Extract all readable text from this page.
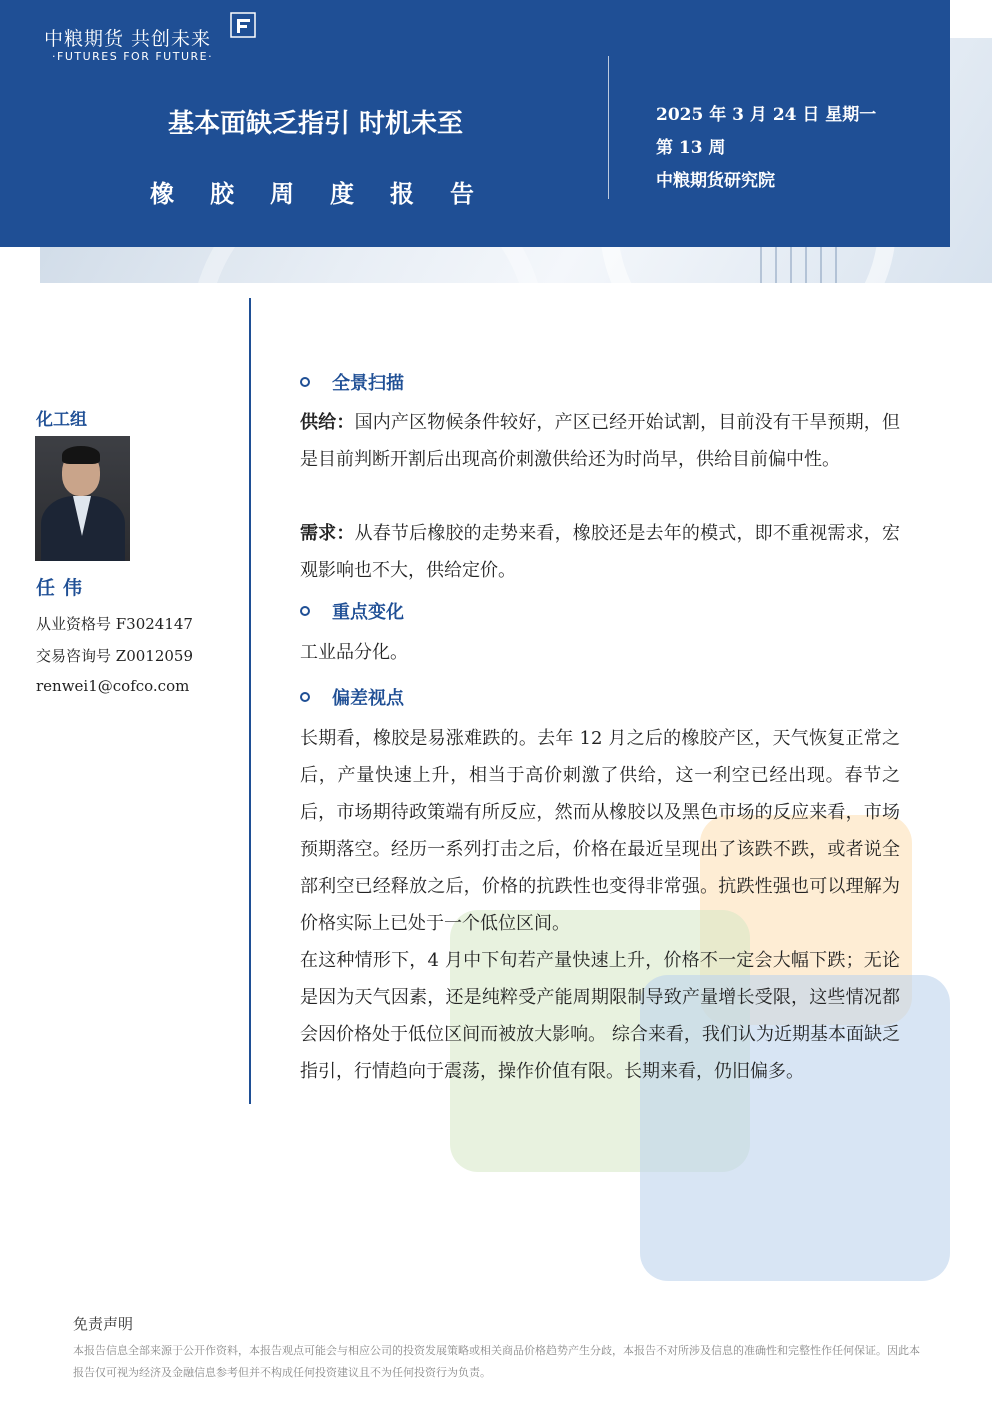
中粮期货 共创未来
·FUTURES FOR FUTURE·
基本面缺乏指引 时机未至
橡胶周度报告
2025 年 3 月 24 日 星期一
第 13 周
中粮期货研究院
化工组
任伟
从业资格号 F3024147
交易咨询号 Z0012059
renwei1@cofco.com
全景扫描
供给：国内产区物候条件较好，产区已经开始试割，目前没有干旱预期，但是目前判断开割后出现高价刺激供给还为时尚早，供给目前偏中性。
需求：从春节后橡胶的走势来看，橡胶还是去年的模式，即不重视需求，宏观影响也不大，供给定价。
重点变化
工业品分化。
偏差视点
长期看，橡胶是易涨难跌的。去年 12 月之后的橡胶产区，天气恢复正常之后，产量快速上升，相当于高价刺激了供给，这一利空已经出现。春节之后，市场期待政策端有所反应，然而从橡胶以及黑色市场的反应来看，市场预期落空。经历一系列打击之后，价格在最近呈现出了该跌不跌，或者说全部利空已经释放之后，价格的抗跌性也变得非常强。抗跌性强也可以理解为价格实际上已处于一个低位区间。
在这种情形下，4 月中下旬若产量快速上升，价格不一定会大幅下跌；无论是因为天气因素，还是纯粹受产能周期限制导致产量增长受限，这些情况都会因价格处于低位区间而被放大影响。 综合来看，我们认为近期基本面缺乏指引，行情趋向于震荡，操作价值有限。长期来看，仍旧偏多。
免责声明
本报告信息全部来源于公开作资料，本报告观点可能会与相应公司的投资发展策略或相关商品价格趋势产生分歧，本报告不对所涉及信息的准确性和完整性作任何保证。因此本报告仅可视为经济及金融信息参考但并不构成任何投资建议且不为任何投资行为负责。
